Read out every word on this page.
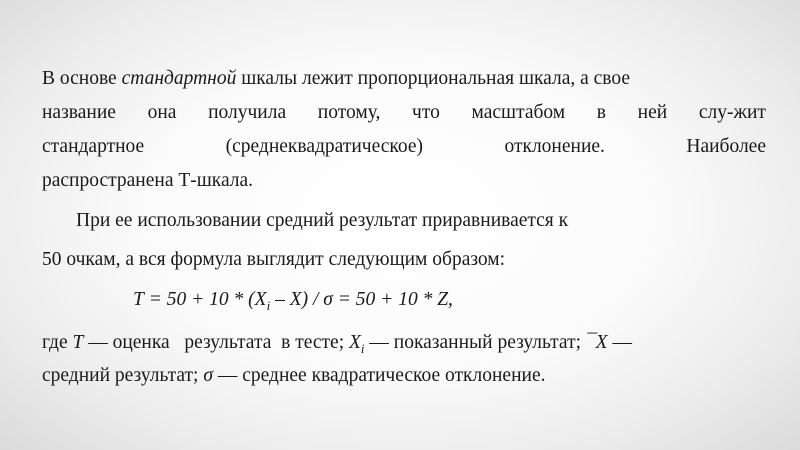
В основе стандартной шкалы лежит пропорциональная шкала, а свое
название она получила потому, что масштабом в ней слу-жит
стандартное	(среднеквадратическое)	отклонение.	Наиболее
распространена Т-шкала.
При ее использовании средний результат приравнивается к
50 очкам, а вся формула выглядит следующим образом:
$Т = 50 + 10 * (Х_i - Х) / \sigma = 50 + 10 * Z$,
где Т — оценка   результата  в тесте; $Х_i$ — показанный результат; ¯Х —
средний результат; σ — среднее квадратическое отклонение.
